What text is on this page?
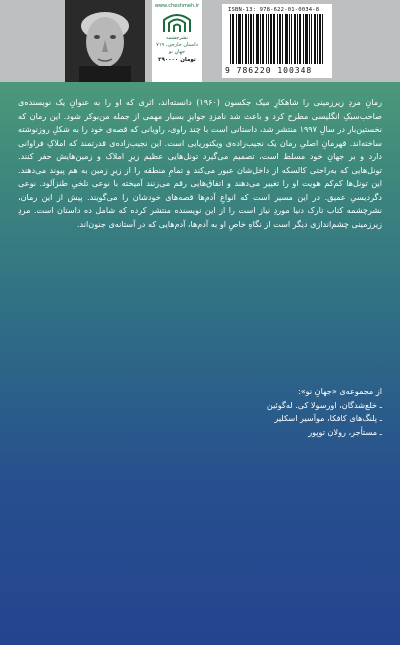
www.cheshmeh.ir
نشرچشمه
داستان‌ خارجی، ۷۱۹
جهانِ نو
۲۹۰۰۰۰ تومان
ISBN-13: 978-622-01-0034-8
9 786220 100348

رمانِ مردِ زیرزمینی را شاهکارِ میک جکسون (۱۹۶۰) دانسته‌اند، اثری که او را به عنوانِ یک نویسنده‌ی صاحب‌سبکِ انگلیسی مطرح کرد و باعث شد نامزدِ جوایزِ بسیار مهمی از جمله من‌بوکر شود. این رمان که نخستین‌بار در سالِ ۱۹۹۷ منتشر شد، داستانی است با چند راوی، راویانی که قصه‌ی خود را به شکلِ روزنوشته ساخته‌اند. قهرمانِ اصلیِ رمان یک نجیب‌زاده‌ی ویکتوریایی است. این نجیب‌زاده‌ی قدرتمند که املاکِ فراوانی دارد و بر جهانِ خود مسلط است، تصمیم می‌گیرد تونل‌هایی عظیم زیرِ املاک و زمین‌هایش حفر کنند. تونل‌هایی که به‌راحتی کالسکه از داخل‌شان عبور می‌کند و تمامِ منطقه را از زیرِ زمین به هم پیوند می‌دهند. این تونل‌ها کم‌کم هویت او را تغییر می‌دهند و اتفاق‌هایی رقم می‌زنند آمیخته با نوعی تلخیِ طنزآلود. نوعی دگردیسیِ عمیق. در این مسیر است که انواعِ آدم‌ها قصه‌های خودشان را می‌گویند. پیش از این رمان، نشرچشمه کتاب تارک دنیا موردِ نیاز است را از این نویسنده منتشر کرده که شامل ده داستان است. مردِ زیرزمینی چشم‌اندازی دیگر است از نگاهِ خاصِ او به آدم‌ها، آدم‌هایی که در آستانه‌ی جنون‌اند.

از مجموعه‌ی «جهانِ نو»:
ـ خلع‌شدگان، اورسولا کی. له‌گوئین
ـ پلنگ‌های کافکا، موآسیر اسکلیر
ـ مستأجر، رولان توپور
